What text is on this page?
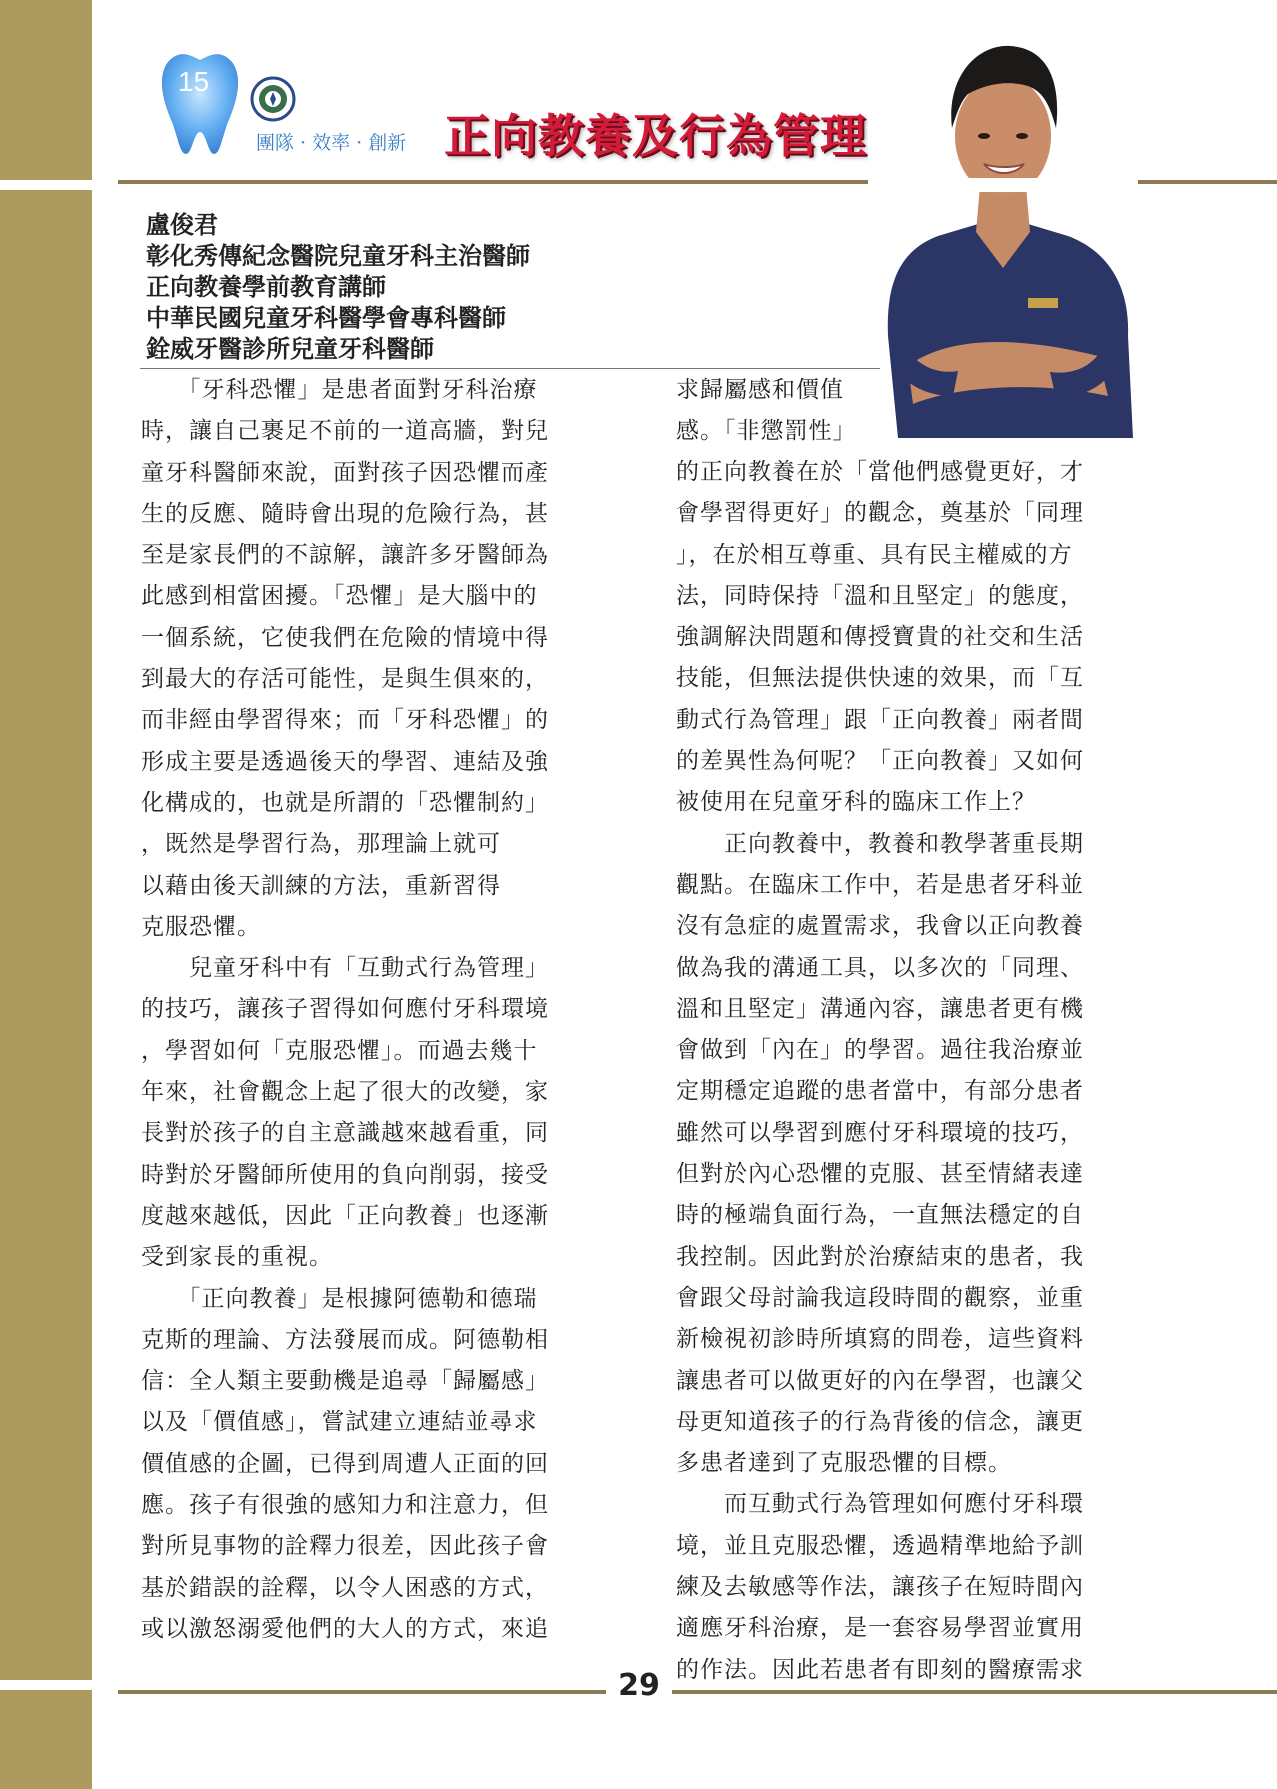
15
團隊 · 效率 · 創新 正向教養及行為管理
盧俊君
彰化秀傳紀念醫院兒童牙科主治醫師
正向教養學前教育講師
中華民國兒童牙科醫學會專科醫師
銓威牙醫診所兒童牙科醫師

　　「牙科恐懼」是患者面對牙科治療

時，讓自己裹足不前的一道高牆，對兒

童牙科醫師來說，面對孩子因恐懼而產

生的反應、隨時會出現的危險行為，甚

至是家長們的不諒解，讓許多牙醫師為

此感到相當困擾。「恐懼」是大腦中的

一個系統，它使我們在危險的情境中得

到最大的存活可能性，是與生俱來的，

而非經由學習得來；而「牙科恐懼」的

形成主要是透過後天的學習、連結及強

化構成的，也就是所謂的「恐懼制約」

，既然是學習行為，那理論上就可

以藉由後天訓練的方法，重新習得

克服恐懼。

　　兒童牙科中有「互動式行為管理」

的技巧，讓孩子習得如何應付牙科環境

，學習如何「克服恐懼」。而過去幾十

年來，社會觀念上起了很大的改變，家

長對於孩子的自主意識越來越看重，同

時對於牙醫師所使用的負向削弱，接受

度越來越低，因此「正向教養」也逐漸

受到家長的重視。

　　「正向教養」是根據阿德勒和德瑞

克斯的理論、方法發展而成。阿德勒相

信：全人類主要動機是追尋「歸屬感」

以及「價值感」，嘗試建立連結並尋求

價值感的企圖，已得到周遭人正面的回

應。孩子有很強的感知力和注意力，但

對所見事物的詮釋力很差，因此孩子會

基於錯誤的詮釋，以令人困惑的方式，

或以激怒溺愛他們的大人的方式，來追

求歸屬感和價值

感。「非懲罰性」

的正向教養在於「當他們感覺更好，才

會學習得更好」的觀念，奠基於「同理

」，在於相互尊重、具有民主權威的方

法，同時保持「溫和且堅定」的態度，

強調解決問題和傳授寶貴的社交和生活

技能，但無法提供快速的效果，而「互

動式行為管理」跟「正向教養」兩者間

的差異性為何呢？「正向教養」又如何

被使用在兒童牙科的臨床工作上？

　　正向教養中，教養和教學著重長期

觀點。在臨床工作中，若是患者牙科並

沒有急症的處置需求，我會以正向教養

做為我的溝通工具，以多次的「同理、

溫和且堅定」溝通內容，讓患者更有機

會做到「內在」的學習。過往我治療並

定期穩定追蹤的患者當中，有部分患者

雖然可以學習到應付牙科環境的技巧，

但對於內心恐懼的克服、甚至情緒表達

時的極端負面行為，一直無法穩定的自

我控制。因此對於治療結束的患者，我

會跟父母討論我這段時間的觀察，並重

新檢視初診時所填寫的問卷，這些資料

讓患者可以做更好的內在學習，也讓父

母更知道孩子的行為背後的信念，讓更

多患者達到了克服恐懼的目標。

　　而互動式行為管理如何應付牙科環

境，並且克服恐懼，透過精準地給予訓

練及去敏感等作法，讓孩子在短時間內

適應牙科治療，是一套容易學習並實用

的作法。因此若患者有即刻的醫療需求

29
